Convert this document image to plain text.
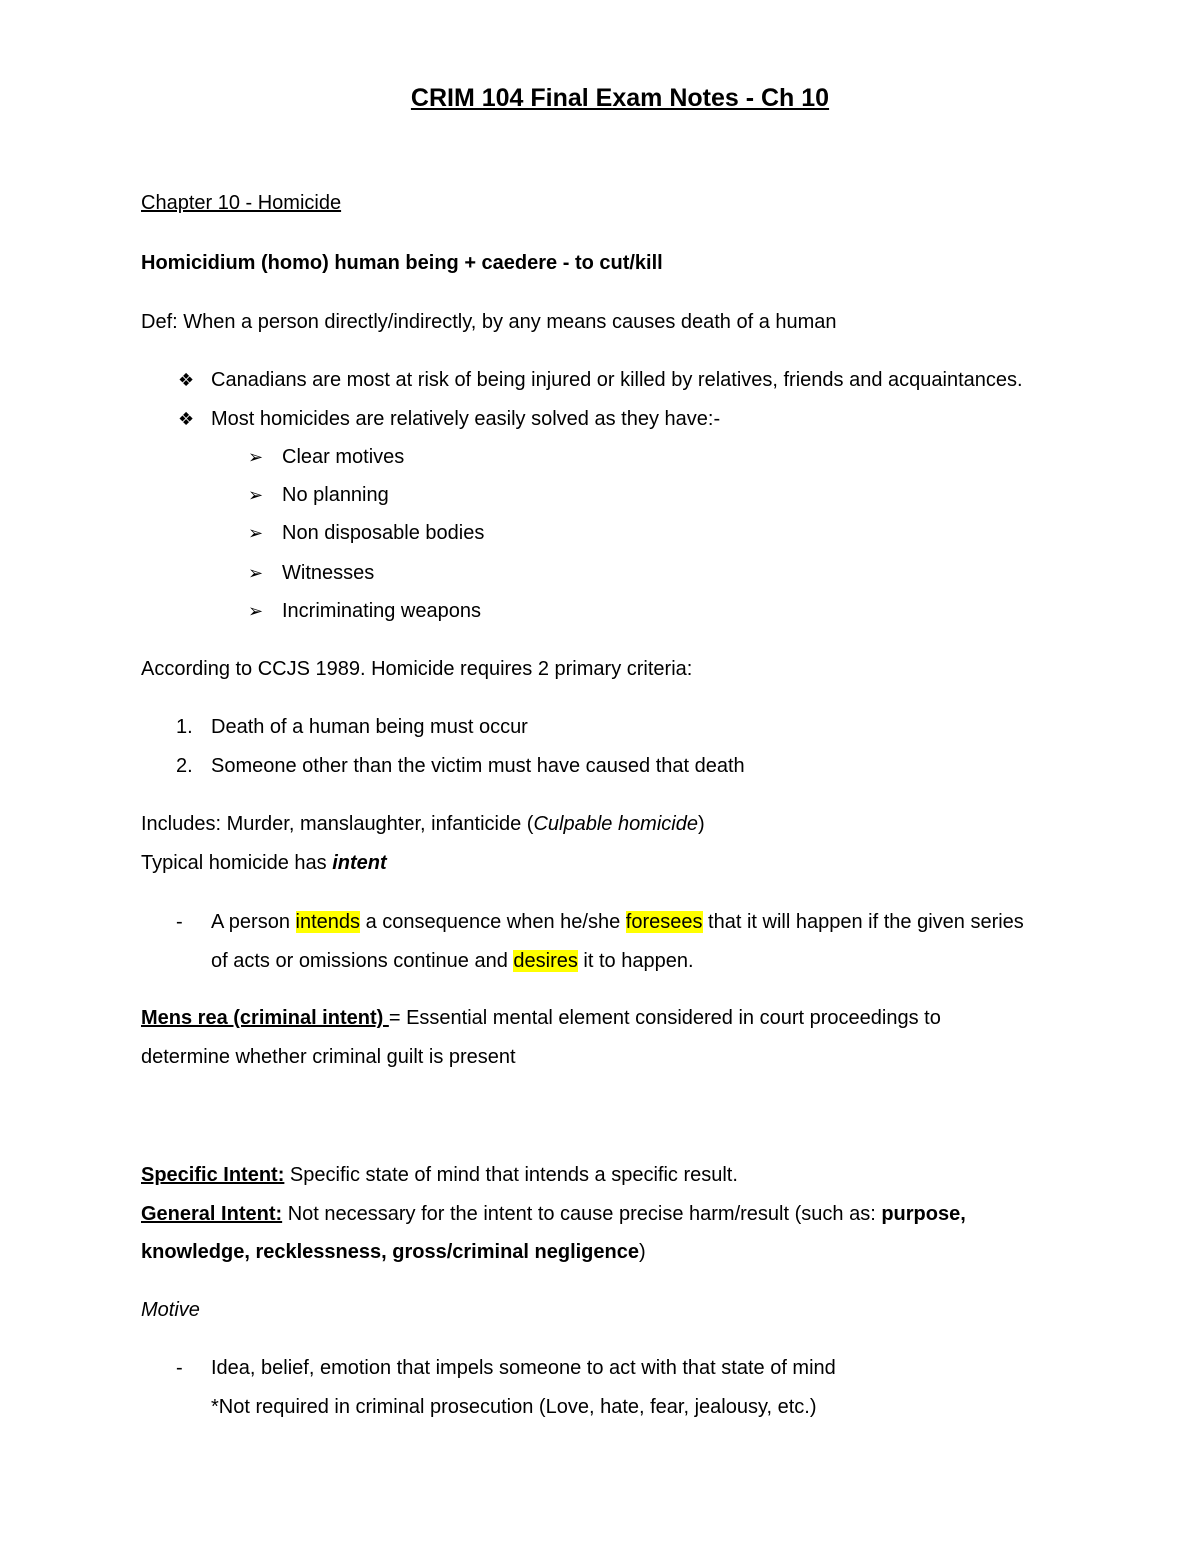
CRIM 104 Final Exam Notes - Ch 10
Chapter 10 - Homicide
Homicidium (homo) human being + caedere - to cut/kill
Def: When a person directly/indirectly, by any means causes death of a human
❖ Canadians are most at risk of being injured or killed by relatives, friends and acquaintances.
❖ Most homicides are relatively easily solved as they have:-
➢ Clear motives
➢ No planning
➢ Non disposable bodies
➢ Witnesses
➢ Incriminating weapons
According to CCJS 1989. Homicide requires 2 primary criteria:
1. Death of a human being must occur
2. Someone other than the victim must have caused that death
Includes: Murder, manslaughter, infanticide (Culpable homicide)
Typical homicide has intent
- A person intends a consequence when he/she foresees that it will happen if the given series
of acts or omissions continue and desires it to happen.
Mens rea (criminal intent) = Essential mental element considered in court proceedings to
determine whether criminal guilt is present
Specific Intent: Specific state of mind that intends a specific result.
General Intent: Not necessary for the intent to cause precise harm/result (such as: purpose,
knowledge, recklessness, gross/criminal negligence)
Motive
- Idea, belief, emotion that impels someone to act with that state of mind
*Not required in criminal prosecution (Love, hate, fear, jealousy, etc.)
